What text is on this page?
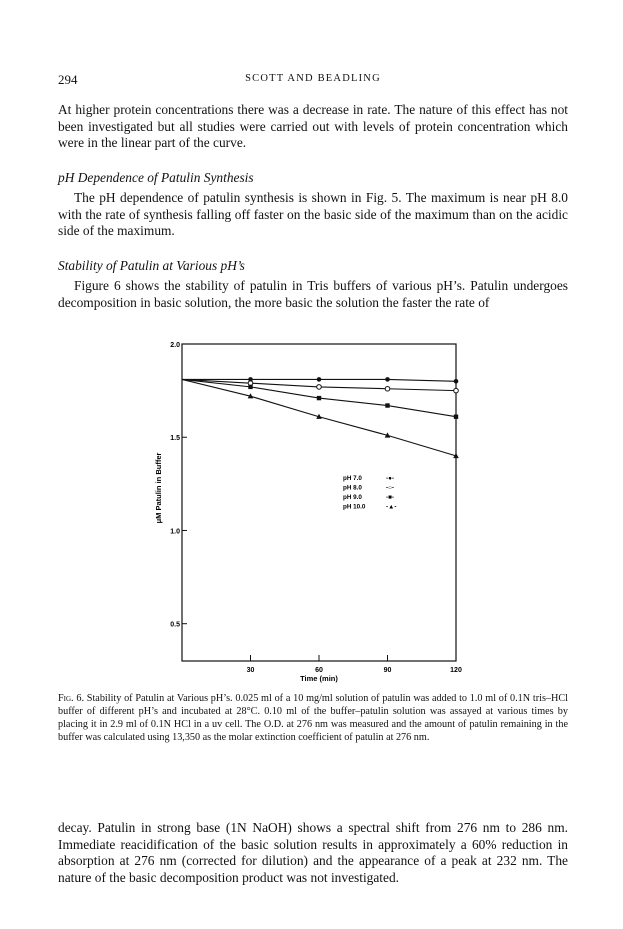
294	SCOTT AND BEADLING

At higher protein concentrations there was a decrease in rate. The nature of this effect has not been investigated but all studies were carried out with levels of protein concentration which were in the linear part of the curve.

pH Dependence of Patulin Synthesis

The pH dependence of patulin synthesis is shown in Fig. 5. The maximum is near pH 8.0 with the rate of synthesis falling off faster on the basic side of the maximum than on the acidic side of the maximum.

Stability of Patulin at Various pH’s

Figure 6 shows the stability of patulin in Tris buffers of various pH’s. Patulin undergoes decomposition in basic solution, the more basic the solution the faster the rate of

30	60	90	120
2.0
1.5
1.0
0.5
μM Patulin in Buffer
Time (min)
pH 7.0	-●-
pH 8.0	-○-
pH 9.0	-■-
pH 10.0	-▲-
Fig. 6. Stability of Patulin at Various pH’s. 0.025 ml of a 10 mg/ml solution of patulin was added to 1.0 ml of 0.1N tris–HCl buffer of different pH’s and incubated at 28°C. 0.10 ml of the buffer–patulin solution was assayed at various times by placing it in 2.9 ml of 0.1N HCl in a uv cell. The O.D. at 276 nm was measured and the amount of patulin remaining in the buffer was calculated using 13,350 as the molar extinction coefficient of patulin at 276 nm.

decay. Patulin in strong base (1N NaOH) shows a spectral shift from 276 nm to 286 nm. Immediate reacidification of the basic solution results in approximately a 60% reduction in absorption at 276 nm (corrected for dilution) and the appearance of a peak at 232 nm. The nature of the basic decomposition product was not investigated.
